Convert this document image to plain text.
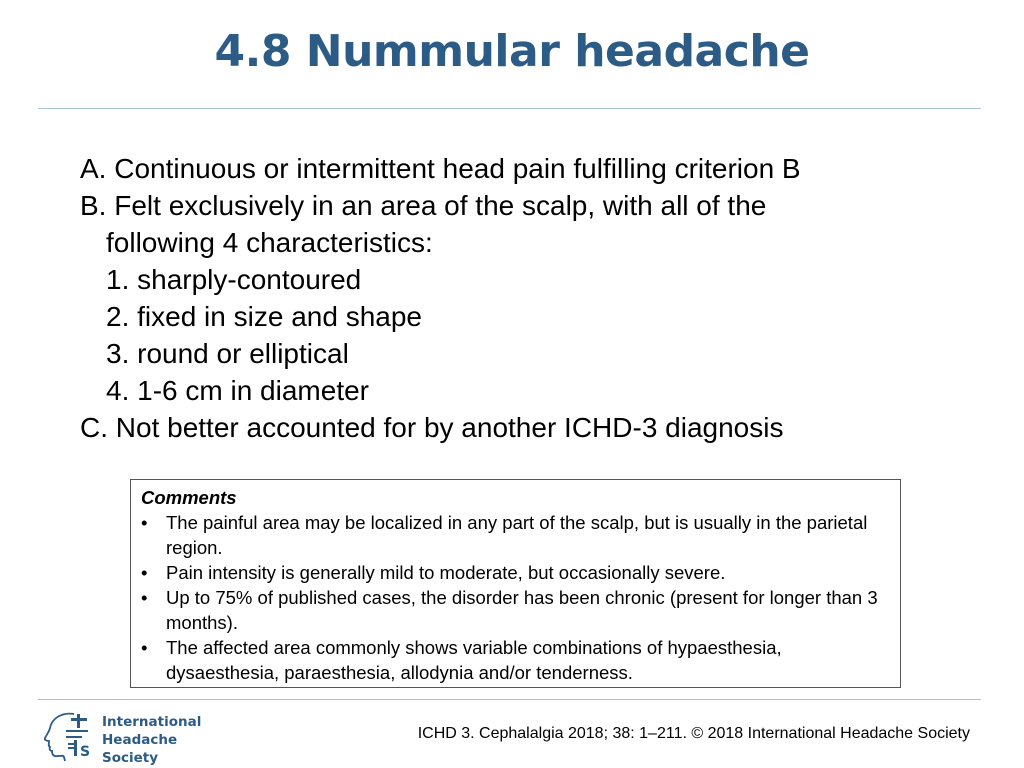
4.8 Nummular headache
A. Continuous or intermittent head pain fulfilling criterion B
B. Felt exclusively in an area of the scalp, with all of the
following 4 characteristics:
1. sharply-contoured
2. fixed in size and shape
3. round or elliptical
4. 1-6 cm in diameter
C. Not better accounted for by another ICHD-3 diagnosis
Comments
• The painful area may be localized in any part of the scalp, but is usually in the parietal region.
• Pain intensity is generally mild to moderate, but occasionally severe.
• Up to 75% of published cases, the disorder has been chronic (present for longer than 3 months).
• The affected area commonly shows variable combinations of hypaesthesia, dysaesthesia, paraesthesia, allodynia and/or tenderness.
S
International
Headache Society
ICHD 3. Cephalalgia 2018; 38: 1–211. © 2018 International Headache Society
